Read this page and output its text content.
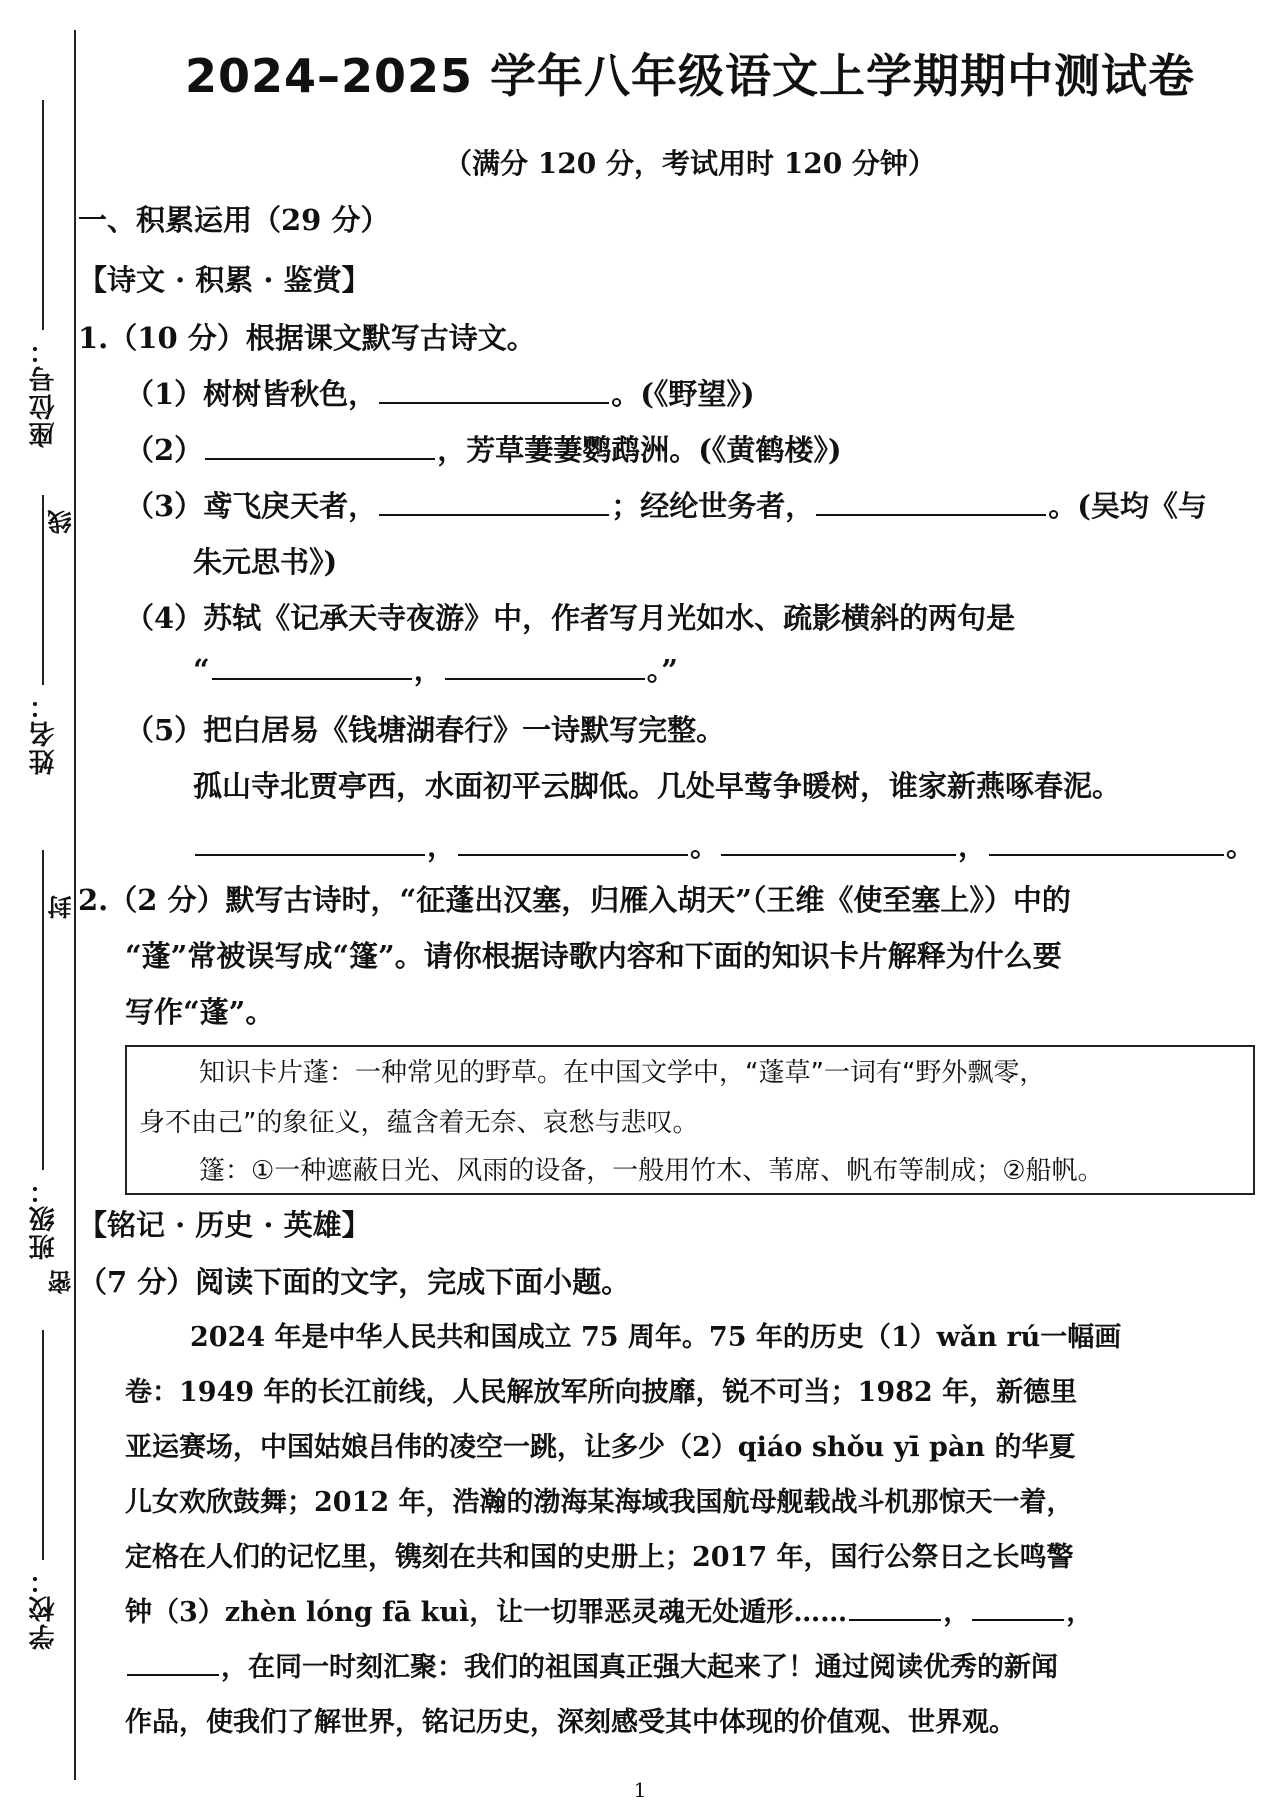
座位号：
姓名：
班级：
学校：
线
封
密
2024–2025 学年八年级语文上学期期中测试卷
（满分 120 分，考试用时 120 分钟）
一、积累运用（29 分）
【诗文 · 积累 · 鉴赏】
1.（10 分）根据课文默写古诗文。
（1）树树皆秋色，	。(《野望》)
（2）	，芳草萋萋鹦鹉洲。(《黄鹤楼》)
（3）鸢飞戾天者，	；经纶世务者，	。(吴均《与
朱元思书》)
（4）苏轼《记承天寺夜游》中，作者写月光如水、疏影横斜的两句是
“	，	。”
（5）把白居易《钱塘湖春行》一诗默写完整。
孤山寺北贾亭西，水面初平云脚低。几处早莺争暖树，谁家新燕啄春泥。
，	。	，	。
2.（2 分）默写古诗时，“征蓬出汉塞，归雁入胡天”（王维《使至塞上》）中的
“蓬”常被误写成“篷”。请你根据诗歌内容和下面的知识卡片解释为什么要
写作“蓬”。
知识卡片蓬：一种常见的野草。在中国文学中，“蓬草”一词有“野外飘零，
身不由己”的象征义，蕴含着无奈、哀愁与悲叹。
篷：①一种遮蔽日光、风雨的设备，一般用竹木、苇席、帆布等制成；②船帆。
【铭记 · 历史 · 英雄】
（7 分）阅读下面的文字，完成下面小题。
2024 年是中华人民共和国成立 75 周年。75 年的历史（1）wǎn rú一幅画
卷：1949 年的长江前线，人民解放军所向披靡，锐不可当；1982 年，新德里
亚运赛场，中国姑娘吕伟的凌空一跳，让多少（2）qiáo shǒu yī pàn 的华夏
儿女欢欣鼓舞；2012 年，浩瀚的渤海某海域我国航母舰载战斗机那惊天一着，
定格在人们的记忆里，镌刻在共和国的史册上；2017 年，国行公祭日之长鸣警
钟（3）zhèn lóng fā kuì，让一切罪恶灵魂无处遁形……	，	，
，在同一时刻汇聚：我们的祖国真正强大起来了！通过阅读优秀的新闻
作品，使我们了解世界，铭记历史，深刻感受其中体现的价值观、世界观。
1
